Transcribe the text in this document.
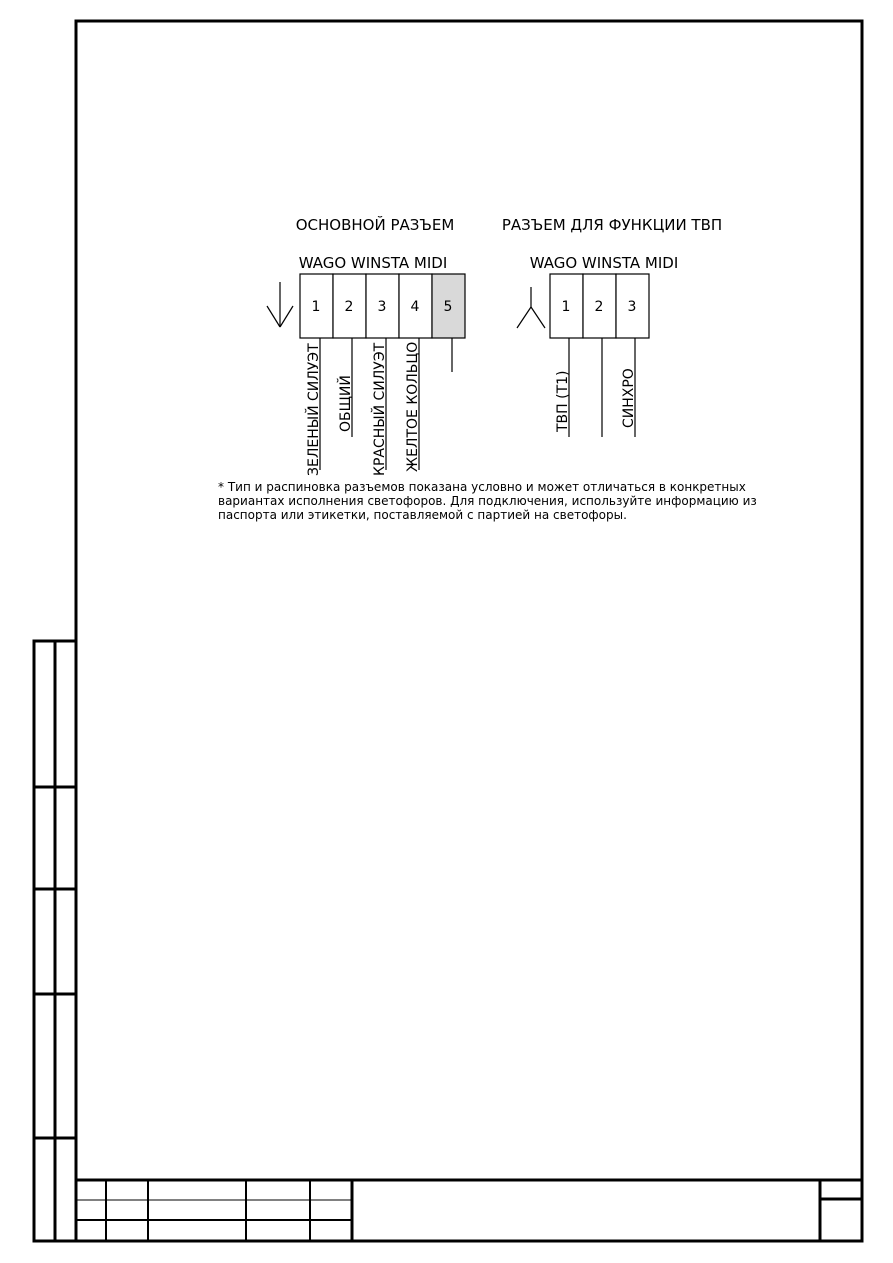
ОСНОВНОЙ РАЗЪЕМ
WAGO WINSTA MIDI
1 2 3 4 5
ЗЕЛЕНЫЙ СИЛУЭТ ОБЩИЙ КРАСНЫЙ СИЛУЭТ ЖЕЛТОЕ КОЛЬЦО
РАЗЪЕМ ДЛЯ ФУНКЦИИ ТВП
WAGO WINSTA MIDI
1 2 3
ТВП (Т1)	СИНХРО
* Тип и распиновка разъемов показана условно и может отличаться в конкретных вариантах исполнения светофоров. Для подключения, используйте информацию из паспорта или этикетки, поставляемой с партией на светофоры.
